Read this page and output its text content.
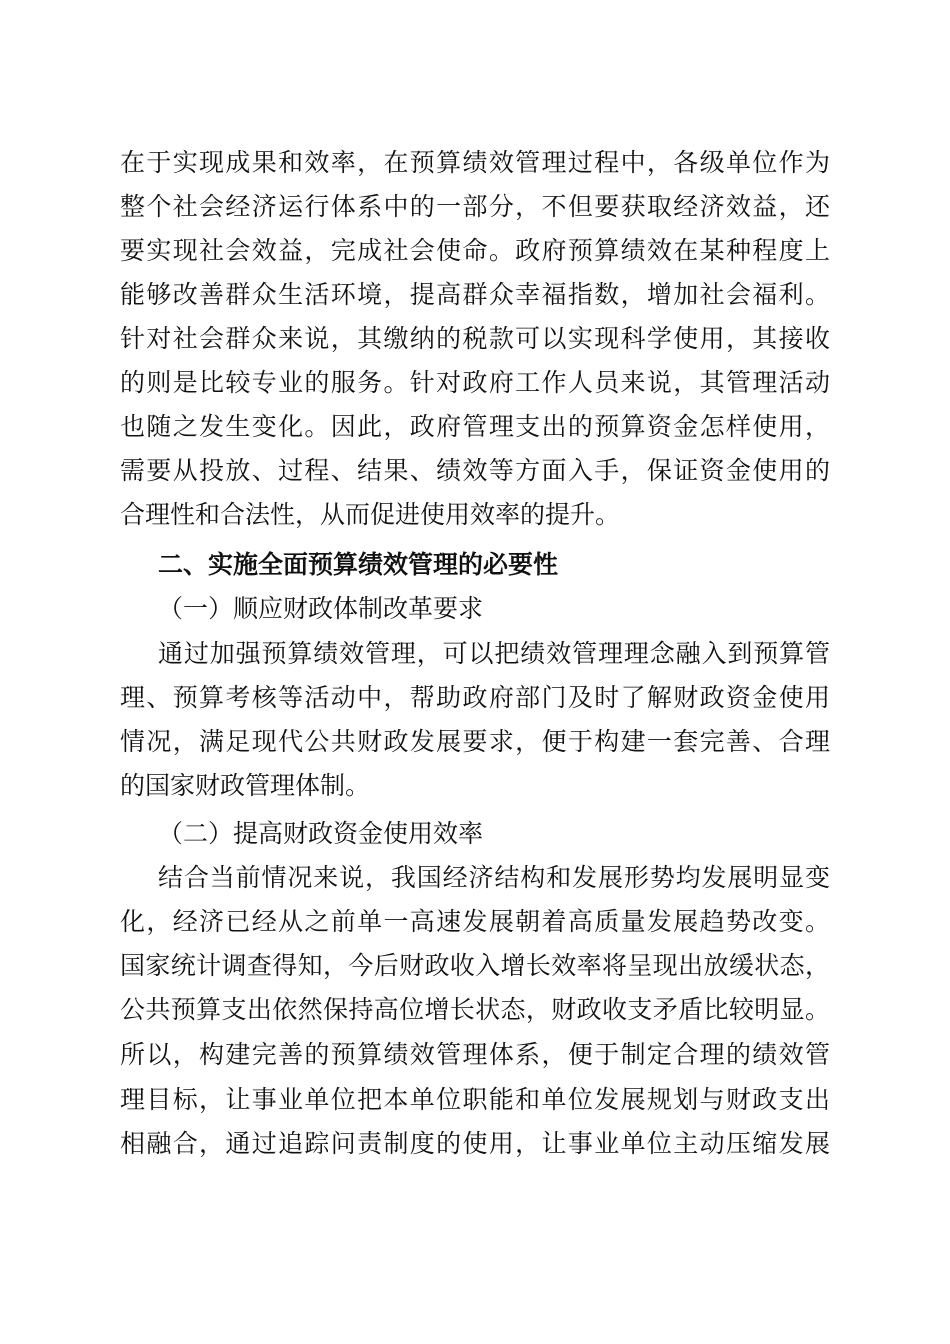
在于实现成果和效率，在预算绩效管理过程中，各级单位作为
整个社会经济运行体系中的一部分，不但要获取经济效益，还
要实现社会效益，完成社会使命。政府预算绩效在某种程度上
能够改善群众生活环境，提高群众幸福指数，增加社会福利。
针对社会群众来说，其缴纳的税款可以实现科学使用，其接收
的则是比较专业的服务。针对政府工作人员来说，其管理活动
也随之发生变化。因此，政府管理支出的预算资金怎样使用，
需要从投放、过程、结果、绩效等方面入手，保证资金使用的
合理性和合法性，从而促进使用效率的提升。
二、实施全面预算绩效管理的必要性
（一）顺应财政体制改革要求
通过加强预算绩效管理，可以把绩效管理理念融入到预算管
理、预算考核等活动中，帮助政府部门及时了解财政资金使用
情况，满足现代公共财政发展要求，便于构建一套完善、合理
的国家财政管理体制。
（二）提高财政资金使用效率
结合当前情况来说，我国经济结构和发展形势均发展明显变
化，经济已经从之前单一高速发展朝着高质量发展趋势改变。
国家统计调查得知，今后财政收入增长效率将呈现出放缓状态，
公共预算支出依然保持高位增长状态，财政收支矛盾比较明显。
所以，构建完善的预算绩效管理体系，便于制定合理的绩效管
理目标，让事业单位把本单位职能和单位发展规划与财政支出
相融合，通过追踪问责制度的使用，让事业单位主动压缩发展
